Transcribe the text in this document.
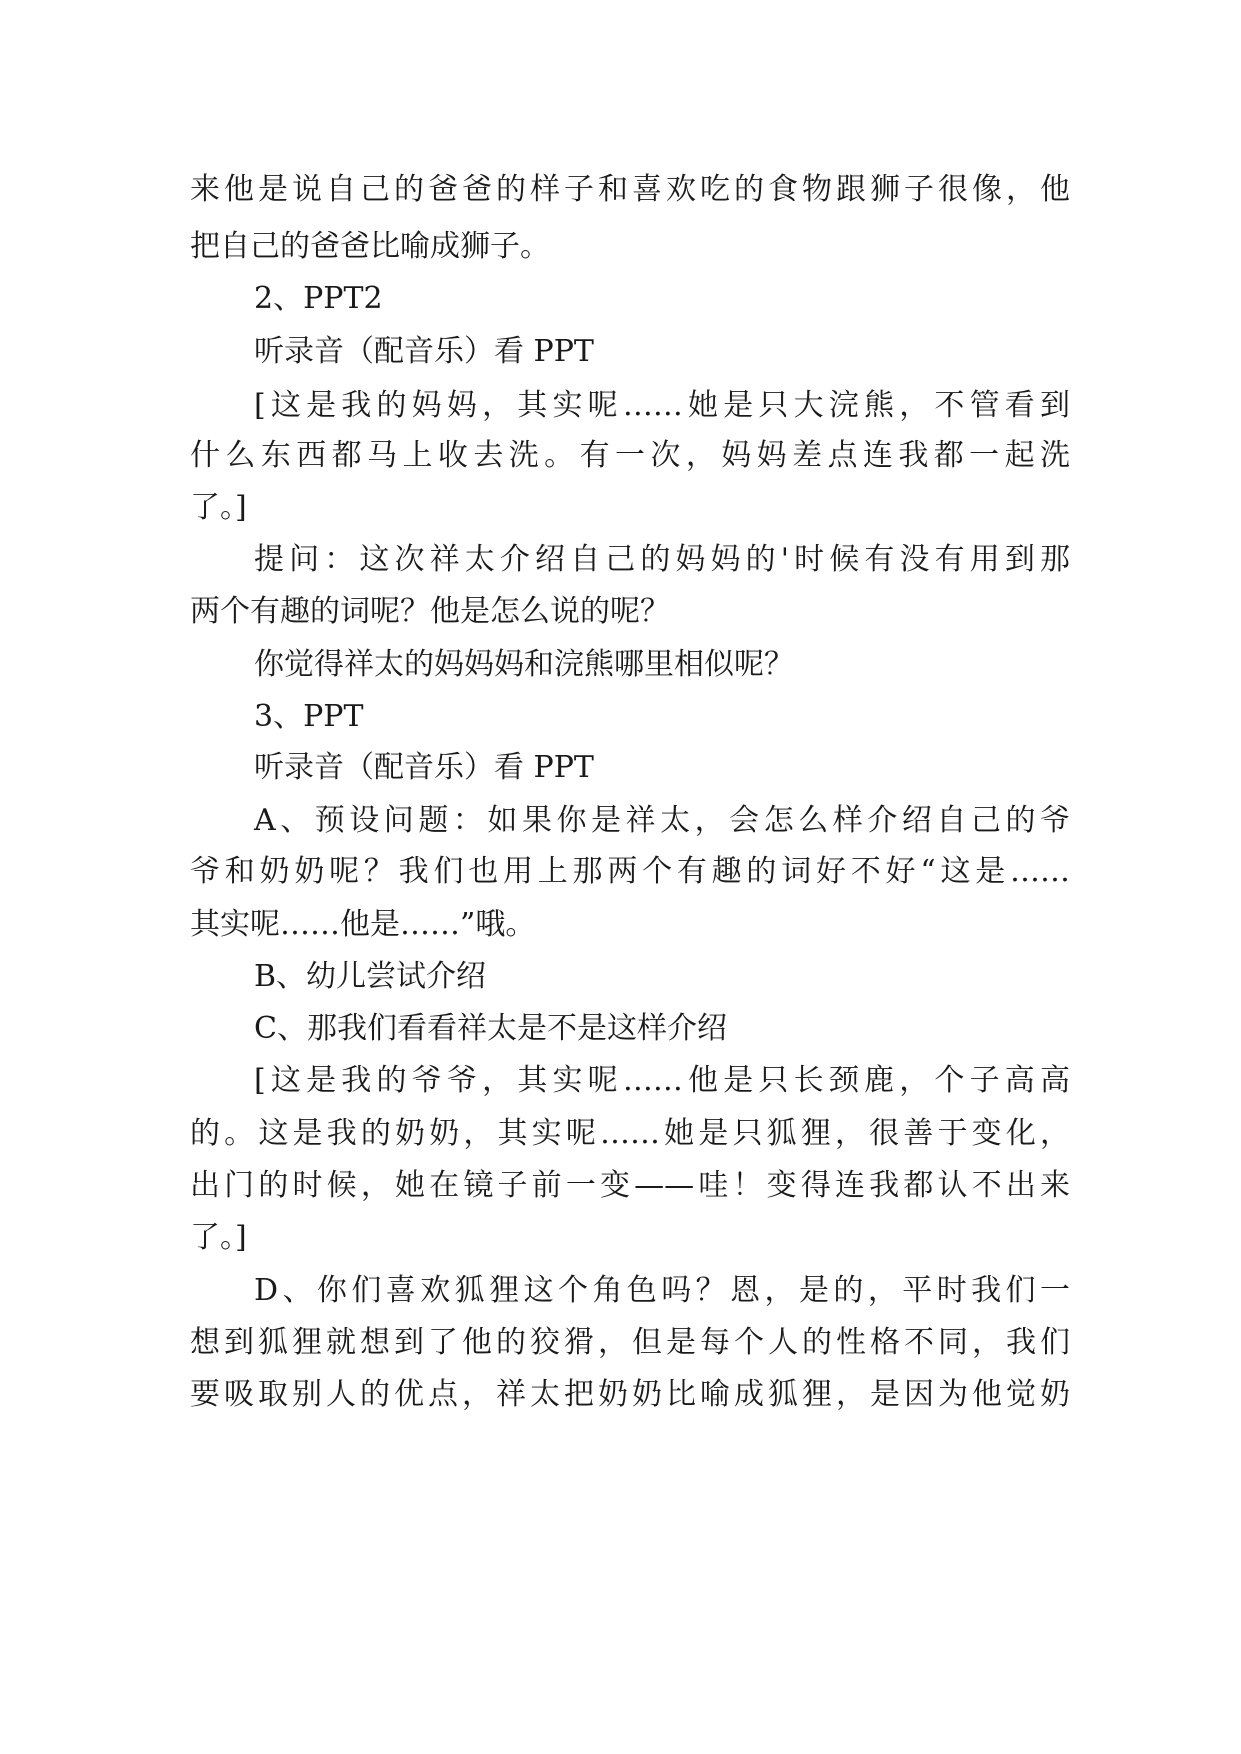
来他是说自己的爸爸的样子和喜欢吃的食物跟狮子很像，他
把自己的爸爸比喻成狮子。
2、PPT2
听录音（配音乐）看 PPT
[这是我的妈妈，其实呢……她是只大浣熊，不管看到
什么东西都马上收去洗。有一次，妈妈差点连我都一起洗
了。]
提问：这次祥太介绍自己的妈妈的'时候有没有用到那
两个有趣的词呢？他是怎么说的呢？
你觉得祥太的妈妈妈和浣熊哪里相似呢？
3、PPT
听录音（配音乐）看 PPT
A、预设问题：如果你是祥太，会怎么样介绍自己的爷
爷和奶奶呢？我们也用上那两个有趣的词好不好“这是……
其实呢……他是……”哦。
B、幼儿尝试介绍
C、那我们看看祥太是不是这样介绍
[这是我的爷爷，其实呢……他是只长颈鹿，个子高高
的。这是我的奶奶，其实呢……她是只狐狸，很善于变化，
出门的时候，她在镜子前一变——哇！变得连我都认不出来
了。]
D、你们喜欢狐狸这个角色吗？恩，是的，平时我们一
想到狐狸就想到了他的狡猾，但是每个人的性格不同，我们
要吸取别人的优点，祥太把奶奶比喻成狐狸，是因为他觉奶
